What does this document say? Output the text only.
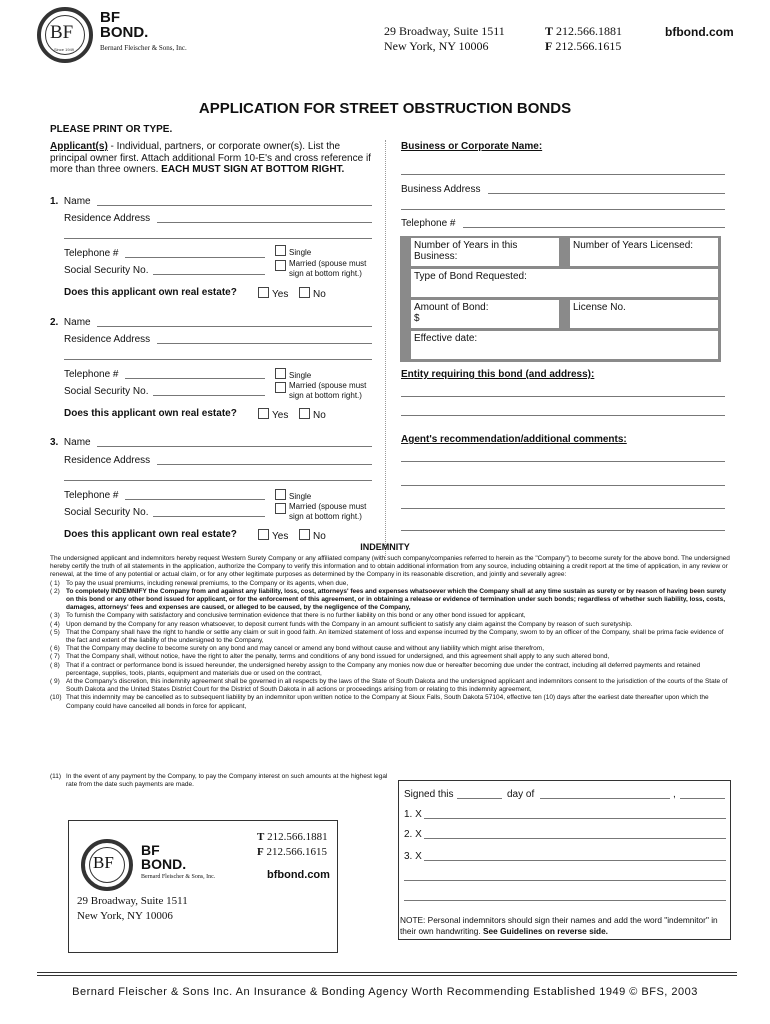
BF
Since 1949
BF
BOND.
Bernard Fleischer & Sons, Inc.
29 Broadway, Suite 1511
New York, NY 10006
T 212.566.1881
F 212.566.1615
bfbond.com
APPLICATION FOR STREET OBSTRUCTION BONDS
PLEASE PRINT OR TYPE.
Applicant(s) - Individual, partners, or corporate owner(s). List the principal owner first. Attach additional Form 10-E's and cross reference if more than three owners. EACH MUST SIGN AT BOTTOM RIGHT.
1. Name
Residence Address
Telephone #	Single
Social Security No.
Married (spouse must sign at bottom right.)
Does this applicant own real estate?	Yes	No
2. Name
Residence Address
Telephone #	Single
Social Security No.
Married (spouse must sign at bottom right.)
Does this applicant own real estate?	Yes	No
3. Name
Residence Address
Telephone #	Single
Social Security No.
Married (spouse must sign at bottom right.)
Does this applicant own real estate?	Yes	No
Business or Corporate Name:
Business Address
Telephone #
Number of Years in this Business:
Number of Years Licensed:
Type of Bond Requested:
Amount of Bond:
$
License No.
Effective date:
Entity requiring this bond (and address):
Agent's recommendation/additional comments:
INDEMNITY

The undersigned applicant and indemnitors hereby request Western Surety Company or any affiliated company (with such company/companies referred to herein as the "Company") to become surety for the above bond. The undersigned hereby certify the truth of all statements in the application, authorize the Company to verify this information and to obtain additional information from any source, including obtaining a credit report at the time of application, in any review or renewal, at the time of any potential or actual claim, or for any other legitimate purposes as determined by the Company in its reasonable discretion, and jointly and severally agree:

( 1) To pay the usual premiums, including renewal premiums, to the Company or its agents, when due,
( 2) To completely INDEMNIFY the Company from and against any liability, loss, cost, attorneys' fees and expenses whatsoever which the Company shall at any time sustain as surety or by reason of having been surety on this bond or any other bond issued for applicant, or for the enforcement of this agreement, or in obtaining a release or evidence of termination under such bonds; regardless of whether such liability, loss, costs, damages, attorneys' fees and expenses are caused, or alleged to be caused, by the negligence of the Company,
( 3) To furnish the Company with satisfactory and conclusive termination evidence that there is no further liability on this bond or any other bond issued for applicant,
( 4) Upon demand by the Company for any reason whatsoever, to deposit current funds with the Company in an amount sufficient to satisfy any claim against the Company by reason of such suretyship.
( 5) That the Company shall have the right to handle or settle any claim or suit in good faith. An itemized statement of loss and expense incurred by the Company, sworn to by an officer of the Company, shall be prima facie evidence of the fact and extent of the liability of the undersigned to the Company,
( 6) That the Company may decline to become surety on any bond and may cancel or amend any bond without cause and without any liability which might arise therefrom,
( 7) That the Company shall, without notice, have the right to alter the penalty, terms and conditions of any bond issued for undersigned, and this agreement shall apply to any such altered bond,
( 8) That if a contract or performance bond is issued hereunder, the undersigned hereby assign to the Company any monies now due or hereafter becoming due under the contract, including all deferred payments and retained percentage, supplies, tools, plants, equipment and materials due or used on the contract,
( 9) At the Company's discretion, this indemnity agreement shall be governed in all respects by the laws of the State of South Dakota and the undersigned applicant and indemnitors consent to the jurisdiction of the courts of the State of South Dakota and the United States District Court for the District of South Dakota in all actions or proceedings arising from or relating to this indemnity agreement,
(10) That this indemnity may be cancelled as to subsequent liability by an indemnitor upon written notice to the Company at Sioux Falls, South Dakota 57104, effective ten (10) days after the earliest date thereafter upon which the Company could have cancelled all bonds in force for applicant,
(11) In the event of any payment by the Company, to pay the Company interest on such amounts at the highest legal rate from the date such payments are made.
BF
BF
BOND.
Bernard Fleischer & Sons, Inc.
T 212.566.1881
F 212.566.1615
bfbond.com
29 Broadway, Suite 1511
New York, NY 10006
Signed this	day of	,
1. X
2. X
3. X
NOTE: Personal indemnitors should sign their names and add the word "indemnitor" in their own handwriting. See Guidelines on reverse side.
Bernard Fleischer & Sons Inc. An Insurance & Bonding Agency Worth Recommending Established 1949 © BFS, 2003
